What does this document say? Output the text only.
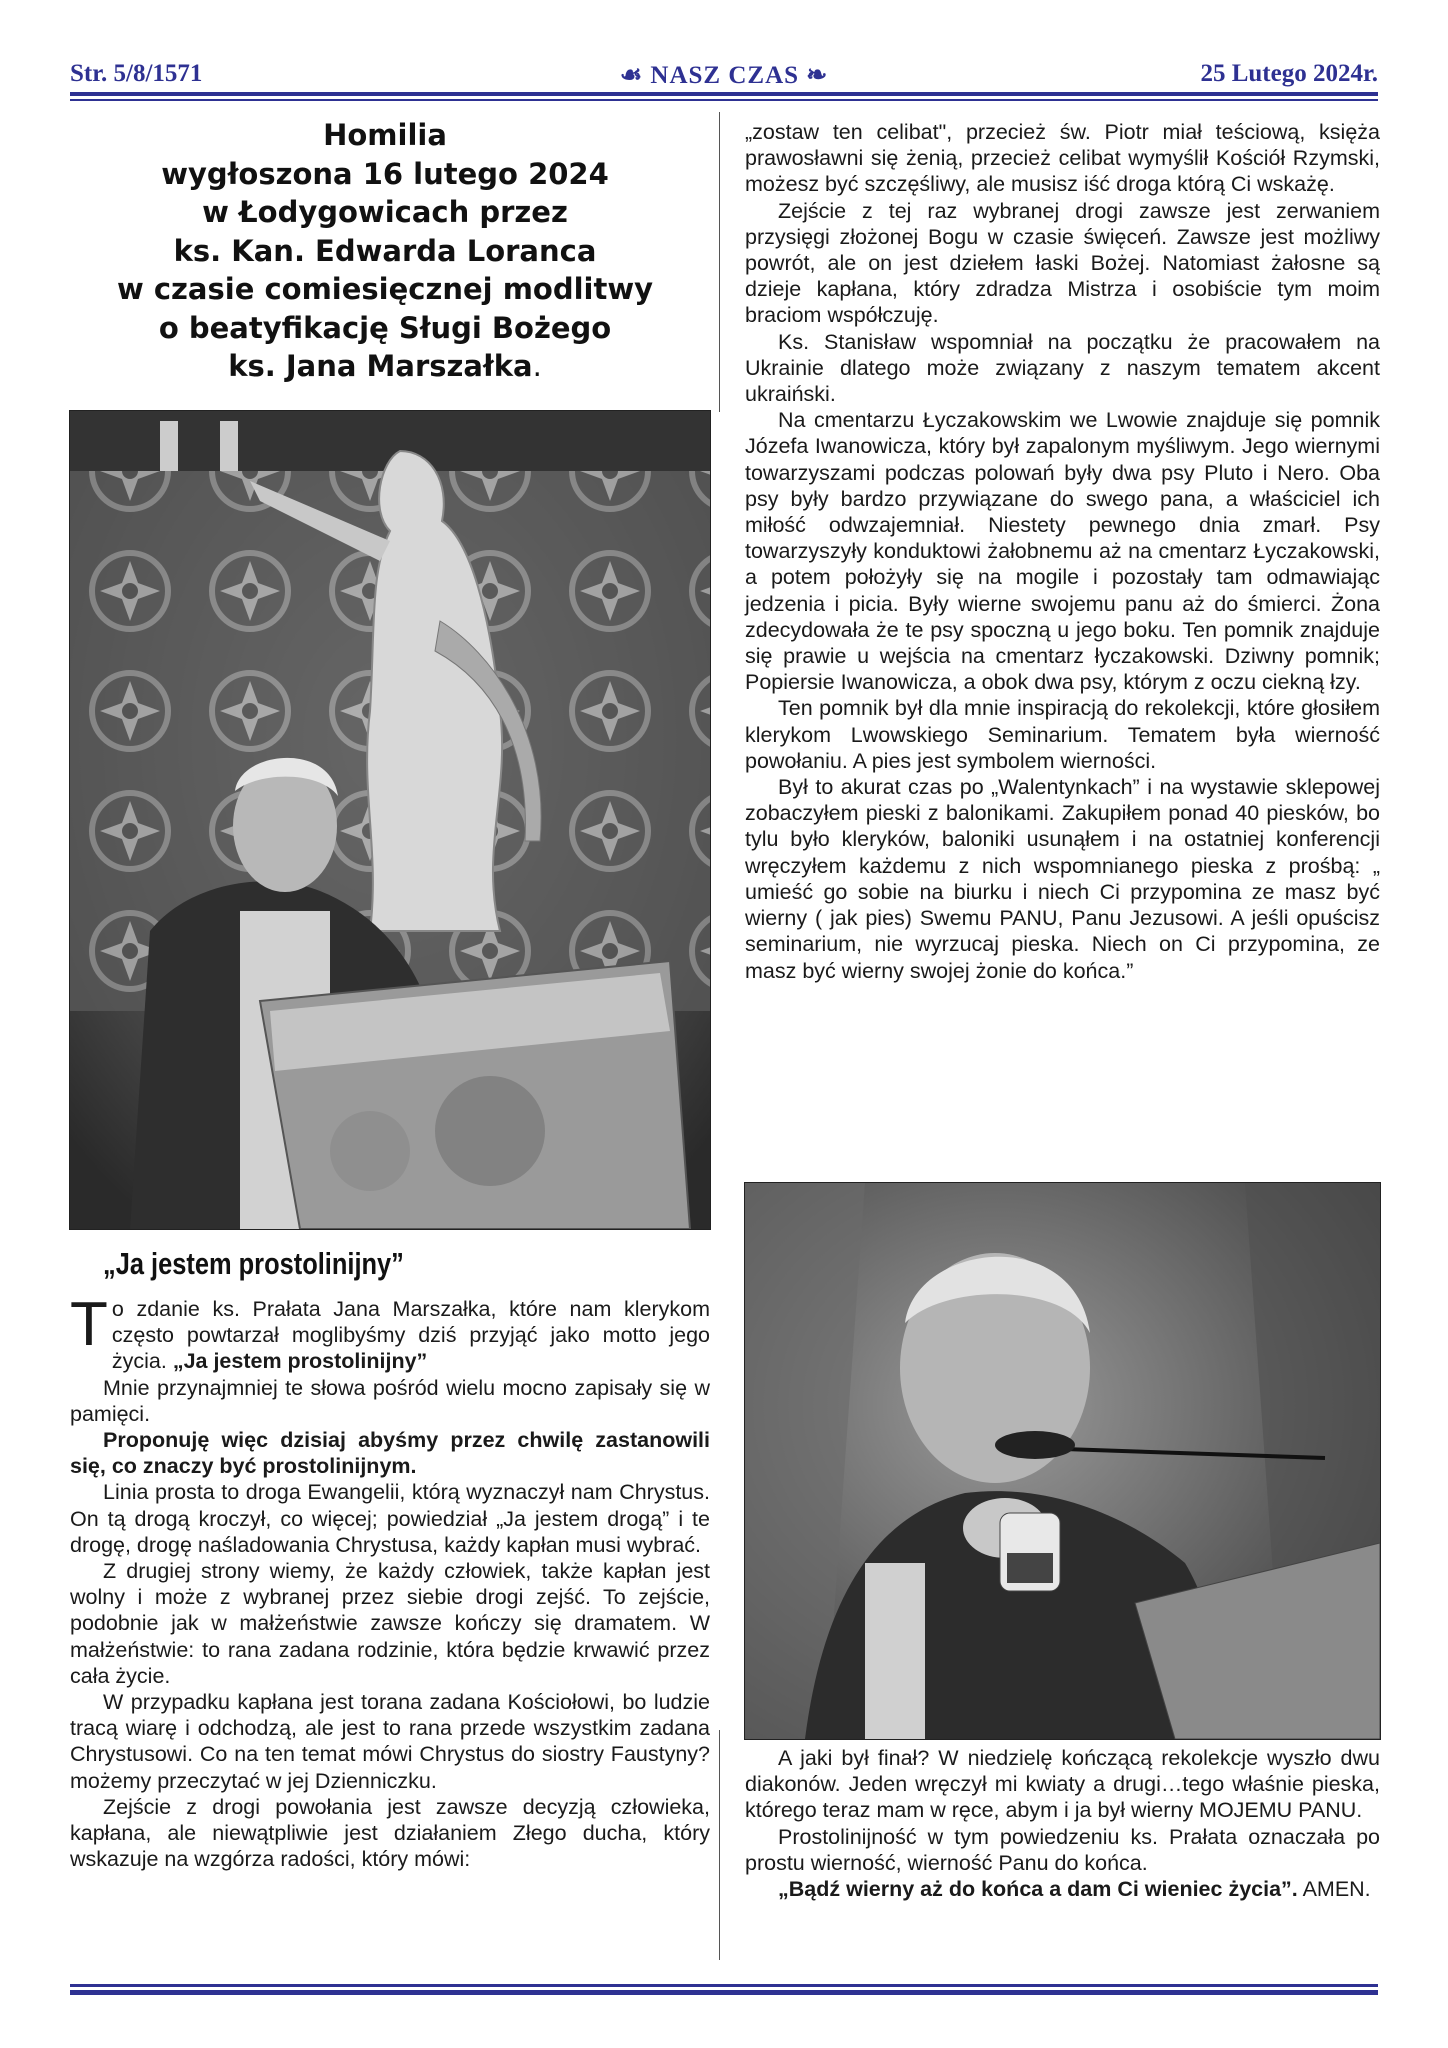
Str. 5/8/1571	☙ NASZ CZAS ❧	25 Lutego 2024r.
Homilia
wygłoszona 16 lutego 2024
w Łodygowicach przez
ks. Kan. Edwarda Loranca
w czasie comiesięcznej modlitwy
o beatyfikację Sługi Bożego
ks. Jana Marszałka.
„Ja jestem prostolinijny”

To zdanie ks. Prałata Jana Marszałka, które nam klerykom często powtarzał moglibyśmy dziś przyjąć jako motto jego życia. „Ja jestem prostolinijny”

Mnie przynajmniej te słowa pośród wielu mocno zapisały się w pamięci.

Proponuję więc dzisiaj abyśmy przez chwilę zastanowili się, co znaczy być prostolinijnym.

Linia prosta to droga Ewangelii, którą wyznaczył nam Chrystus. On tą drogą kroczył, co więcej; powiedział „Ja jestem drogą” i te drogę, drogę naśladowania Chrystusa, każdy kapłan musi wybrać.

Z drugiej strony wiemy, że każdy człowiek, także kapłan jest wolny i może z wybranej przez siebie drogi zejść. To zejście, podobnie jak w małżeństwie zawsze kończy się dramatem. W małżeństwie: to rana zadana rodzinie, która będzie krwawić przez cała życie.

W przypadku kapłana jest torana zadana Kościołowi, bo ludzie tracą wiarę i odchodzą, ale jest to rana przede wszystkim zadana Chrystusowi. Co na ten temat mówi Chrystus do siostry Faustyny? możemy przeczytać w jej Dzienniczku.

Zejście z drogi powołania jest zawsze decyzją człowieka, kapłana, ale niewątpliwie jest działaniem Złego ducha, który wskazuje na wzgórza radości, który mówi:

„zostaw ten celibat", przecież św. Piotr miał teściową, księża prawosławni się żenią, przecież celibat wymyślił Kościół Rzymski, możesz być szczęśliwy, ale musisz iść droga którą Ci wskażę.

Zejście z tej raz wybranej drogi zawsze jest zerwaniem przysięgi złożonej Bogu w czasie święceń. Zawsze jest możliwy powrót, ale on jest dziełem łaski Bożej. Natomiast żałosne są dzieje kapłana, który zdradza Mistrza i osobiście tym moim braciom współczuję.

Ks. Stanisław wspomniał na początku że pracowałem na Ukrainie dlatego może związany z naszym tematem akcent ukraiński.

Na cmentarzu Łyczakowskim we Lwowie znajduje się pomnik Józefa Iwanowicza, który był zapalonym myśliwym. Jego wiernymi towarzyszami podczas polowań były dwa psy Pluto i Nero. Oba psy były bardzo przywiązane do swego pana, a właściciel ich miłość odwzajemniał. Niestety pewnego dnia zmarł. Psy towarzyszyły konduktowi żałobnemu aż na cmentarz Łyczakowski, a potem położyły się na mogile i pozostały tam odmawiając jedzenia i picia. Były wierne swojemu panu aż do śmierci. Żona zdecydowała że te psy spoczną u jego boku. Ten pomnik znajduje się prawie u wejścia na cmentarz łyczakowski. Dziwny pomnik; Popiersie Iwanowicza, a obok dwa psy, którym z oczu ciekną łzy.

Ten pomnik był dla mnie inspiracją do rekolekcji, które głosiłem klerykom Lwowskiego Seminarium. Tematem była wierność powołaniu. A pies jest symbolem wierności.

Był to akurat czas po „Walentynkach” i na wystawie sklepowej zobaczyłem pieski z balonikami. Zakupiłem ponad 40 piesków, bo tylu było kleryków, baloniki usunąłem i na ostatniej konferencji wręczyłem każdemu z nich wspomnianego pieska z prośbą: „ umieść go sobie na biurku i niech Ci przypomina ze masz być wierny ( jak pies) Swemu PANU, Panu Jezusowi. A jeśli opuścisz seminarium, nie wyrzucaj pieska. Niech on Ci przypomina, ze masz być wierny swojej żonie do końca.”

A jaki był finał? W niedzielę kończącą rekolekcje wyszło dwu diakonów. Jeden wręczył mi kwiaty a drugi…tego właśnie pieska, którego teraz mam w ręce, abym i ja był wierny MOJEMU PANU.

Prostolinijność w tym powiedzeniu ks. Prałata oznaczała po prostu wierność, wierność Panu do końca.

„Bądź wierny aż do końca a dam Ci wieniec życia”. AMEN.
